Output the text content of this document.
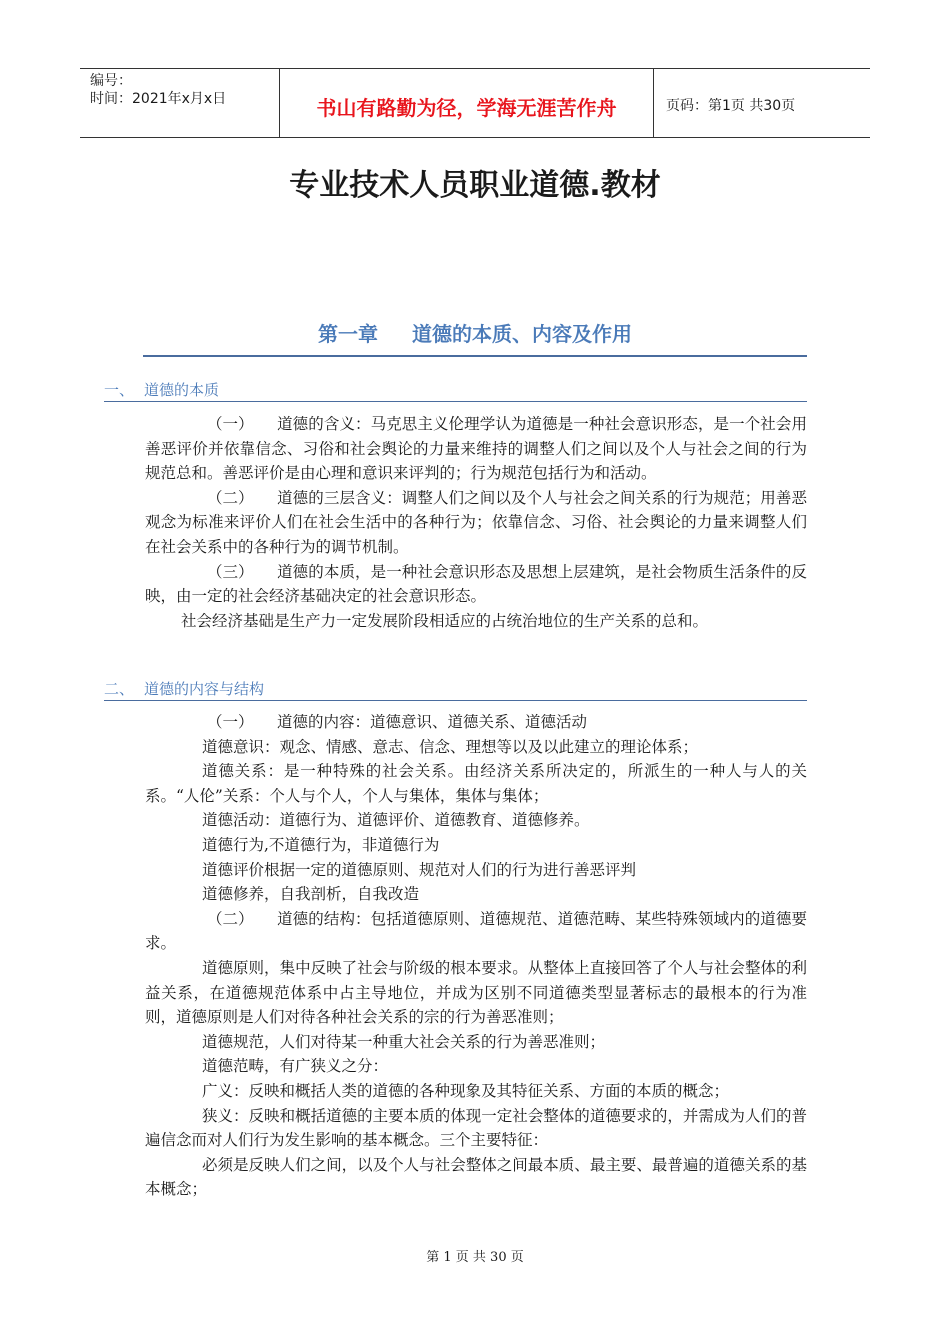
编号：
时间：2021年x月x日	书山有路勤为径，学海无涯苦作舟	页码：第1页 共30页
专业技术人员职业道德.教材
第一章 道德的本质、内容及作用
一、 道德的本质

（一） 道德的含义：马克思主义伦理学认为道德是一种社会意识形态，是一个社会用善恶评价并依靠信念、习俗和社会舆论的力量来维持的调整人们之间以及个人与社会之间的行为规范总和。善恶评价是由心理和意识来评判的；行为规范包括行为和活动。

（二） 道德的三层含义：调整人们之间以及个人与社会之间关系的行为规范；用善恶观念为标准来评价人们在社会生活中的各种行为；依靠信念、习俗、社会舆论的力量来调整人们在社会关系中的各种行为的调节机制。

（三） 道德的本质，是一种社会意识形态及思想上层建筑，是社会物质生活条件的反映，由一定的社会经济基础决定的社会意识形态。

社会经济基础是生产力一定发展阶段相适应的占统治地位的生产关系的总和。

二、 道德的内容与结构

（一） 道德的内容：道德意识、道德关系、道德活动

道德意识：观念、情感、意志、信念、理想等以及以此建立的理论体系；

道德关系：是一种特殊的社会关系。由经济关系所决定的，所派生的一种人与人的关系。“人伦”关系：个人与个人，个人与集体，集体与集体；

道德活动：道德行为、道德评价、道德教育、道德修养。

道德行为,不道德行为，非道德行为

道德评价根据一定的道德原则、规范对人们的行为进行善恶评判

道德修养，自我剖析，自我改造

（二） 道德的结构：包括道德原则、道德规范、道德范畴、某些特殊领域内的道德要求。

道德原则，集中反映了社会与阶级的根本要求。从整体上直接回答了个人与社会整体的利益关系，在道德规范体系中占主导地位，并成为区别不同道德类型显著标志的最根本的行为准则，道德原则是人们对待各种社会关系的宗的行为善恶准则；

道德规范，人们对待某一种重大社会关系的行为善恶准则；

道德范畴，有广狭义之分：

广义：反映和概括人类的道德的各种现象及其特征关系、方面的本质的概念；

狭义：反映和概括道德的主要本质的体现一定社会整体的道德要求的，并需成为人们的普遍信念而对人们行为发生影响的基本概念。三个主要特征：

必须是反映人们之间，以及个人与社会整体之间最本质、最主要、最普遍的道德关系的基本概念；

第 1 页 共 30 页
